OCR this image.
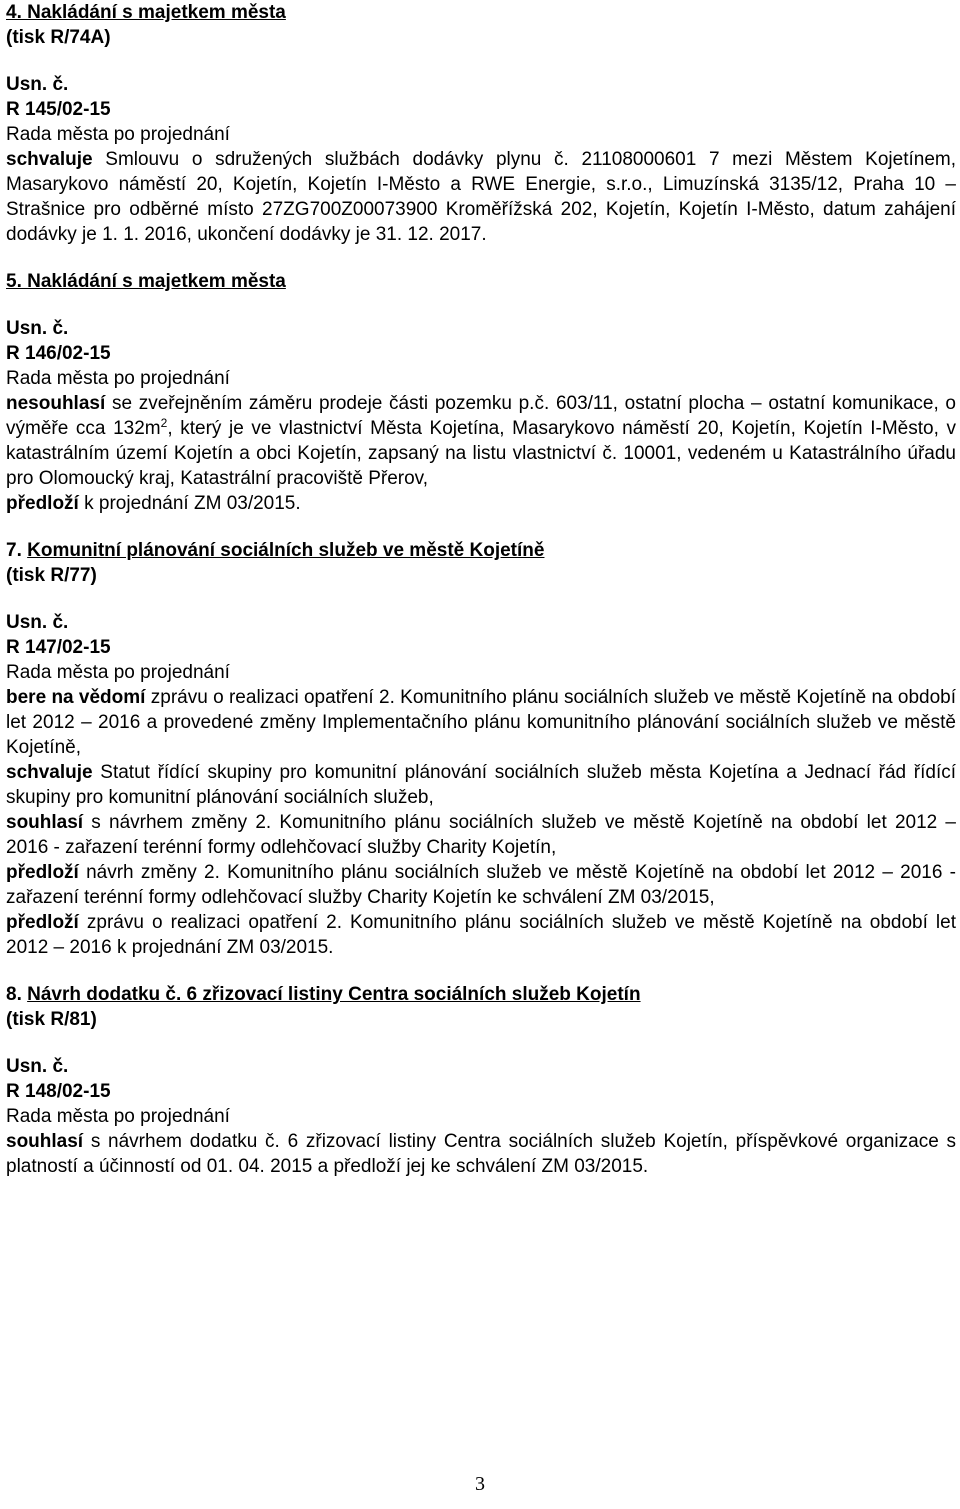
4. Nakládání s majetkem města
(tisk R/74A)
Usn. č.
R 145/02-15
Rada města po projednání

schvaluje Smlouvu o sdružených službách dodávky plynu č. 21108000601 7 mezi Městem Kojetínem, Masarykovo náměstí 20, Kojetín, Kojetín I-Město a RWE Energie, s.r.o., Limuzínská 3135/12, Praha 10 – Strašnice pro odběrné místo 27ZG700Z00073900 Kroměřížská 202, Kojetín, Kojetín I-Město, datum zahájení dodávky je 1. 1. 2016, ukončení dodávky je 31. 12. 2017.

5. Nakládání s majetkem města
Usn. č.
R 146/02-15
Rada města po projednání

nesouhlasí se zveřejněním záměru prodeje části pozemku p.č. 603/11, ostatní plocha – ostatní komunikace, o výměře cca $132m^2$, který je ve vlastnictví Města Kojetína, Masarykovo náměstí 20, Kojetín, Kojetín I-Město, v katastrálním území Kojetín a obci Kojetín, zapsaný na listu vlastnictví č. 10001, vedeném u Katastrálního úřadu pro Olomoucký kraj, Katastrální pracoviště Přerov,

předloží k projednání ZM 03/2015.

7. Komunitní plánování sociálních služeb ve městě Kojetíně
(tisk R/77)
Usn. č.
R 147/02-15
Rada města po projednání

bere na vědomí zprávu o realizaci opatření 2. Komunitního plánu sociálních služeb ve městě Kojetíně na období let 2012 – 2016 a provedené změny Implementačního plánu komunitního plánování sociálních služeb ve městě Kojetíně,

schvaluje Statut řídící skupiny pro komunitní plánování sociálních služeb města Kojetína a Jednací řád řídící skupiny pro komunitní plánování sociálních služeb,

souhlasí s návrhem změny 2. Komunitního plánu sociálních služeb ve městě Kojetíně na období let 2012 – 2016 - zařazení terénní formy odlehčovací služby Charity Kojetín,

předloží návrh změny 2. Komunitního plánu sociálních služeb ve městě Kojetíně na období let 2012 – 2016 - zařazení terénní formy odlehčovací služby Charity Kojetín ke schválení ZM 03/2015,

předloží zprávu o realizaci opatření 2. Komunitního plánu sociálních služeb ve městě Kojetíně na období let 2012 – 2016 k projednání ZM 03/2015.

8. Návrh dodatku č. 6 zřizovací listiny Centra sociálních služeb Kojetín
(tisk R/81)
Usn. č.
R 148/02-15
Rada města po projednání

souhlasí s návrhem dodatku č. 6 zřizovací listiny Centra sociálních služeb Kojetín, příspěvkové organizace s platností a účinností od 01. 04. 2015 a předloží jej ke schválení ZM 03/2015.

3
